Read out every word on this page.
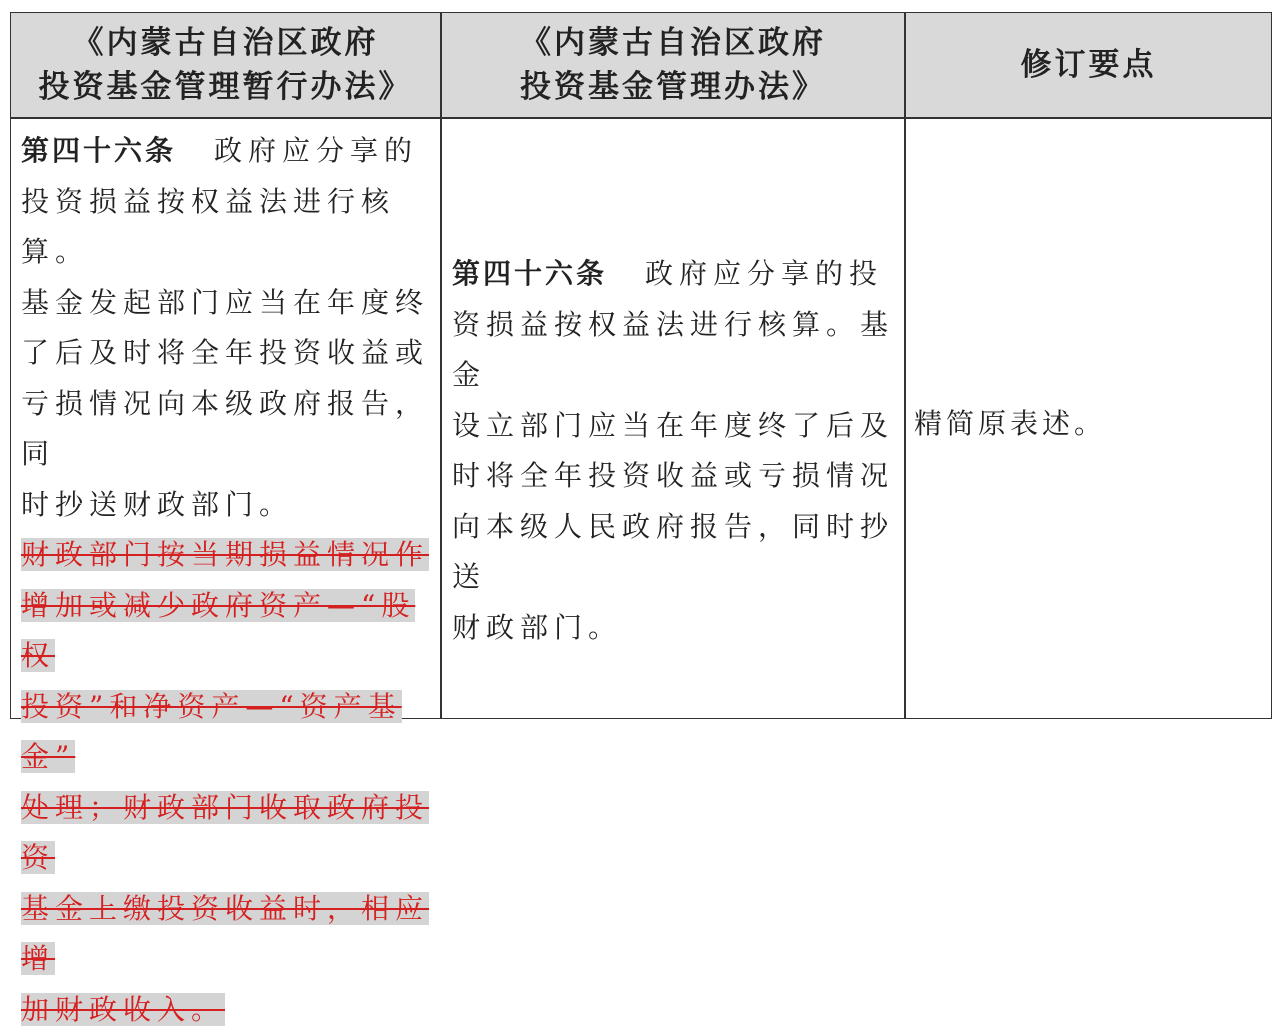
《内蒙古自治区政府
投资基金管理暂行办法》
《内蒙古自治区政府
投资基金管理办法》
修订要点
第四十六条 政府应分享的
投资损益按权益法进行核算。
基金发起部门应当在年度终
了后及时将全年投资收益或
亏损情况向本级政府报告，同
时抄送财政部门。
财政部门按当期损益情况作
增加或减少政府资产—“股权
投资”和净资产—“资产基金”
处理；财政部门收取政府投资
基金上缴投资收益时，相应增
加财政收入。
第四十六条 政府应分享的投
资损益按权益法进行核算。基金
设立部门应当在年度终了后及
时将全年投资收益或亏损情况
向本级人民政府报告，同时抄送
财政部门。
精简原表述。
